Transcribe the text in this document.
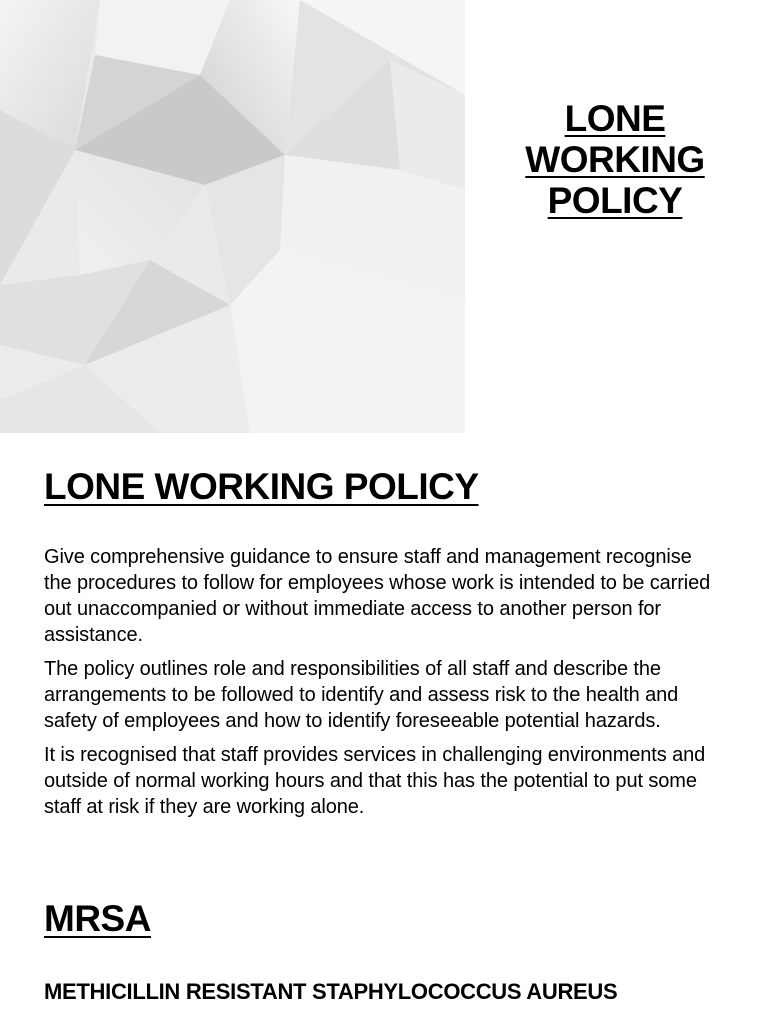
LONE
WORKING
POLICY
LONE WORKING POLICY

Give comprehensive guidance to ensure staff and management recognise the procedures to follow for employees whose work is intended to be carried out unaccompanied or without immediate access to another person for assistance.

The policy outlines role and responsibilities of all staff and describe the arrangements to be followed to identify and assess risk to the health and safety of employees and how to identify foreseeable potential hazards.

It is recognised that staff provides services in challenging environments and outside of normal working hours and that this has the potential to put some staff at risk if they are working alone.

MRSA
METHICILLIN RESISTANT STAPHYLOCOCCUS AUREUS
